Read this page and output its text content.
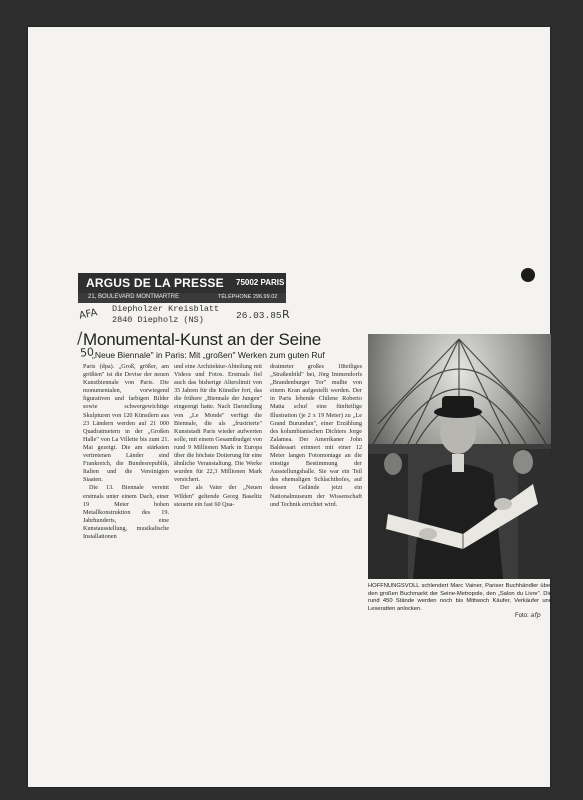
ARGUS DE LA PRESSE 75002 PARIS
21, BOULEVARD MONTMARTRE	TÉLÉPHONE 296.99.02
AFA Diepholzer Kreisblatt
2840 Diepholz (NS)	26.03.85 R
/ Monumental-Kunst an der Seine
50
„Neue Biennale" in Paris: Mit „großen" Werken zum guten Ruf

Paris (dpa). „Groß, größer, am größten" ist die Devise der neuen Kunstbiennale von Paris. Die monumentalen, vorwiegend figurativen und farbigen Bilder sowie schwergewichtige Skulpturen von 120 Künstlern aus 23 Ländern werden auf 21 000 Quadratmetern in der „Großen Halle" von La Villette bis zum 21. Mai gezeigt. Die am stärksten vertretenen Länder sind Frankreich, die Bundesrepublik, Italien und die Vereinigten Staaten.

Die 13. Biennale vereint erstmals unter einem Dach, einer 19 Meter hohen Metallkonstruktion des 19. Jahrhunderts, eine Kunstausstellung, musikalische Installationen

und eine Architektur-Abteilung mit Videos und Fotos. Erstmals fiel auch das bisherige Alterslimit von 35 Jahren für die Künstler fort, das die frühere „Biennale der Jungen" eingeengt hatte. Nach Darstellung von „Le Monde" verfügt die Biennale, die als „frustrierte" Kunststadt Paris wieder aufwerten solle, mit einem Gesamtbudget von rund 9 Millionen Mark in Europa über die höchste Dotierung für eine ähnliche Veranstaltung. Die Werke wurden für 22,3 Millionen Mark versichert.

Der als Vater der „Neuen Wilden" geltende Georg Baselitz steuerte ein fast 60 Qua-

dratmeter großes 18teiliges „Straßenbild" bei, Jörg Immendorfs „Brandenburger Tor" mußte von einem Kran aufgestellt werden. Der in Paris lebende Chilene Roberto Matta schuf eine fünfteilige Illustration (je 2 x 19 Meter) zu „Le Grand Burundun", einer Erzählung des kolumbianischen Dichters Jorge Zalamea. Der Amerikaner John Baldessari erinnert mit einer 12 Meter langen Fotomontage an die einstige Bestimmung der Ausstellungshalle. Sie war ein Teil des ehemaligen Schlachthofes, auf dessen Gelände jetzt ein Nationalmuseum der Wissenschaft und Technik errichtet wird.

HOFFNUNGSVOLL schlendert Marc Vainer, Pariser Buchhändler über den großen Buchmarkt der Seine-Metropole, den „Salon du Livre". Die rund 450 Stände werden noch bis Mittwoch Käufer, Verkäufer und Leseratten anlocken.
Foto: afp
